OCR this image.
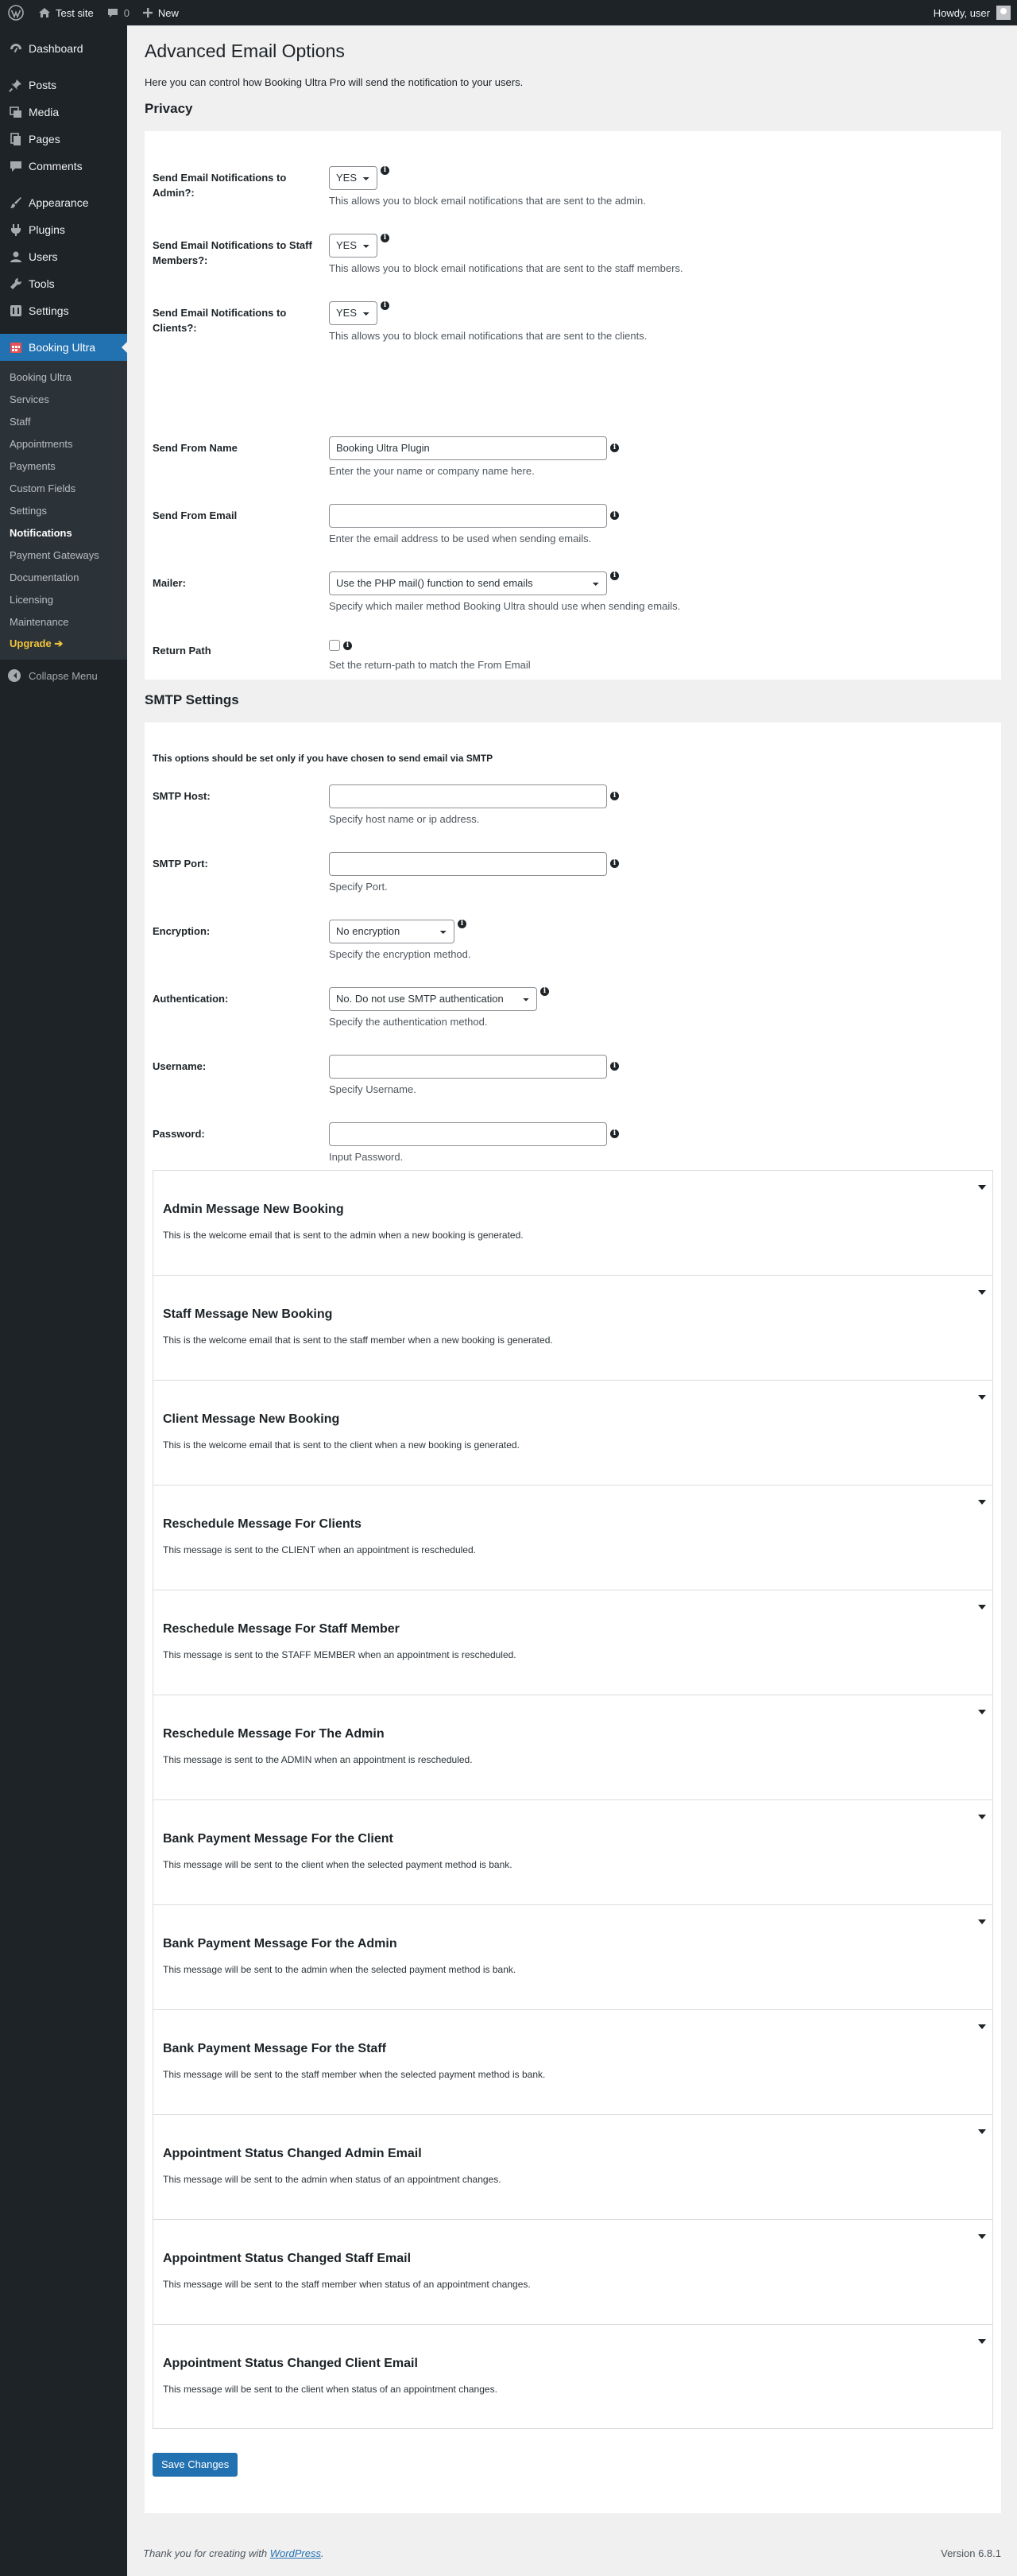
Test site	0	New	Howdy, user
Dashboard
Posts
Media
Pages
Comments
Appearance
Plugins
Users
Tools
Settings
Booking Ultra
Booking Ultra
Services
Staff
Appointments
Payments
Custom Fields
Settings
Notifications
Payment Gateways
Documentation
Licensing
Maintenance
Upgrade ➔
Collapse Menu
Advanced Email Options

Here you can control how Booking Ultra Pro will send the notification to your users.

Privacy
Send Email Notifications to Admin?:
YESi
This allows you to block email notifications that are sent to the admin.
Send Email Notifications to Staff Members?:
YESi
This allows you to block email notifications that are sent to the staff members.
Send Email Notifications to Clients?:
YESi
This allows you to block email notifications that are sent to the clients.
Send From Name
Booking Ultra Plugin	i
Enter the your name or company name here.
Send From Email	i
Enter the email address to be used when sending emails.
Mailer:
Use the PHP mail() function to send emailsi
Specify which mailer method Booking Ultra should use when sending emails.
Return Path	i
Set the return-path to match the From Email
SMTP Settings
This options should be set only if you have chosen to send email via SMTP
SMTP Host:	i
Specify host name or ip address.
SMTP Port:	i
Specify Port.
Encryption:
No encryptioni
Specify the encryption method.
Authentication:
No. Do not use SMTP authenticationi
Specify the authentication method.
Username:	i
Specify Username.
Password:	i
Input Password.
Admin Message New Booking

This is the welcome email that is sent to the admin when a new booking is generated.

Staff Message New Booking

This is the welcome email that is sent to the staff member when a new booking is generated.

Client Message New Booking

This is the welcome email that is sent to the client when a new booking is generated.

Reschedule Message For Clients

This message is sent to the CLIENT when an appointment is rescheduled.

Reschedule Message For Staff Member

This message is sent to the STAFF MEMBER when an appointment is rescheduled.

Reschedule Message For The Admin

This message is sent to the ADMIN when an appointment is rescheduled.

Bank Payment Message For the Client

This message will be sent to the client when the selected payment method is bank.

Bank Payment Message For the Admin

This message will be sent to the admin when the selected payment method is bank.

Bank Payment Message For the Staff

This message will be sent to the staff member when the selected payment method is bank.

Appointment Status Changed Admin Email

This message will be sent to the admin when status of an appointment changes.

Appointment Status Changed Staff Email

This message will be sent to the staff member when status of an appointment changes.

Appointment Status Changed Client Email

This message will be sent to the client when status of an appointment changes.

Save Changes
Thank you for creating with WordPress.	Version 6.8.1
